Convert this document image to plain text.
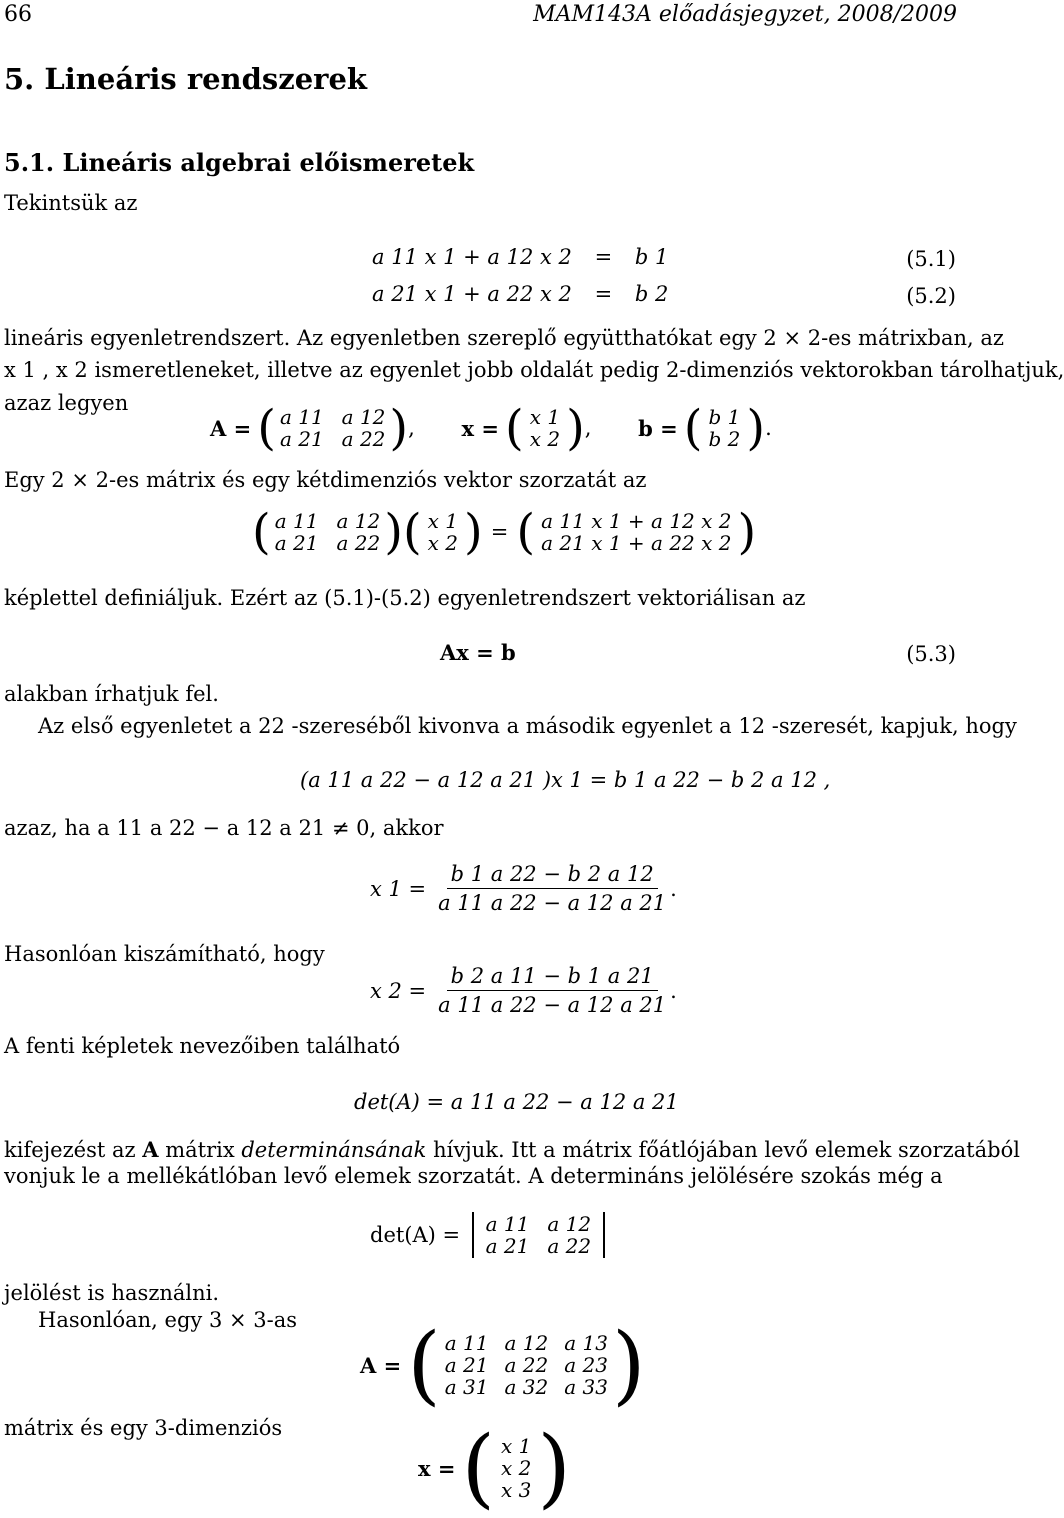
66	MAM143A előadásjegyzet, 2008/2009
5. Lineáris rendszerek
5.1. Lineáris algebrai előismeretek
Tekintsük az
a 11 x 1 + a 12 x 2 = b 1	(5.1)
a 21 x 1 + a 22 x 2 = b 2	(5.2)
lineáris egyenletrendszert. Az egyenletben szereplő együtthatókat egy 2 × 2-es mátrixban, az
x 1 , x 2 ismeretleneket, illetve az egyenlet jobb oldalát pedig 2-dimenziós vektorokban tárolhatjuk,
azaz legyen
A = ( a 11 a 12
a 21 a 22 ) ,
x = ( x 1
x 2 ) ,
b = ( b 1
b 2 ) .
Egy 2 × 2-es mátrix és egy kétdimenziós vektor szorzatát az
( a 11 a 12
a 21 a 22 ) ( x 1
x 2 ) = ( a 11 x 1 + a 12 x 2
a 21 x 1 + a 22 x 2 )
képlettel definiáljuk. Ezért az (5.1)-(5.2) egyenletrendszert vektoriálisan az
Ax = b	(5.3)
alakban írhatjuk fel.
Az első egyenletet a 22 -szereséből kivonva a második egyenlet a 12 -szeresét, kapjuk, hogy
(a 11 a 22 − a 12 a 21 )x 1 = b 1 a 22 − b 2 a 12 ,
azaz, ha a 11 a 22 − a 12 a 21 ≠ 0, akkor
x $1 = \frac{b 1 a 22 - b 2 a 12}{a 11 a 22 - a 12 a 21}$ .
Hasonlóan kiszámítható, hogy
x $2 = \frac{b 2 a 11 - b 1 a 21}{a 11 a 22 - a 12 a 21}$ .
A fenti képletek nevezőiben található
det(A) = a 11 a 22 − a 12 a 21
kifejezést az A mátrix determinánsának hívjuk. Itt a mátrix főátlójában levő elemek szorzatából
vonjuk le a mellékátlóban levő elemek szorzatát. A determináns jelölésére szokás még a
det(A) = a 11 a 12
a 21 a 22
jelölést is használni.
Hasonlóan, egy 3 × 3-as
A = ( a 11 a 12 a 13
a 21 a 22 a 23
a 31 a 32 a 33 )
mátrix és egy 3-dimenziós
x = ( x 1
x 2
x 3 )
